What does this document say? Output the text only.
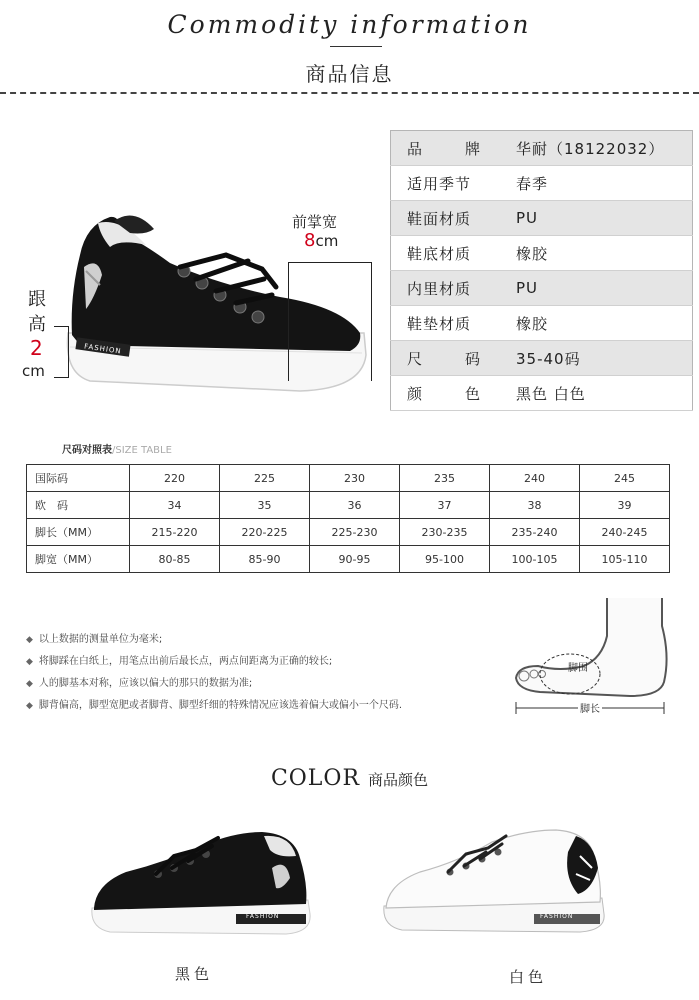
Commodity information
商品信息
FASHION
前掌宽
8cm
跟
高
2
cm
品 牌	华耐（18122032）
适用季节	春季
鞋面材质	PU
鞋底材质	橡胶
内里材质	PU
鞋垫材质	橡胶

尺 码	35-40码

颜 色	黑色 白色
尺码对照表/SIZE TABLE
国际码	220	225	230	235	240	245
欧　码	34	35	36	37	38	39
脚长（MM）	215-220	220-225	225-230	230-235	235-240	240-245
脚宽（MM）	80-85	85-90	90-95	95-100	100-105	105-110
◆ 以上数据的测量单位为毫米;
◆ 将脚踩在白纸上，用笔点出前后最长点，两点间距离为正确的较长;
◆ 人的脚基本对称，应该以偏大的那只的数据为准;
◆ 脚背偏高，脚型宽肥或者脚背、脚型纤细的特殊情况应该选着偏大或偏小一个尺码.
脚围
脚长
COLOR 商品颜色
FASHION	FASHION
黑色	白色
